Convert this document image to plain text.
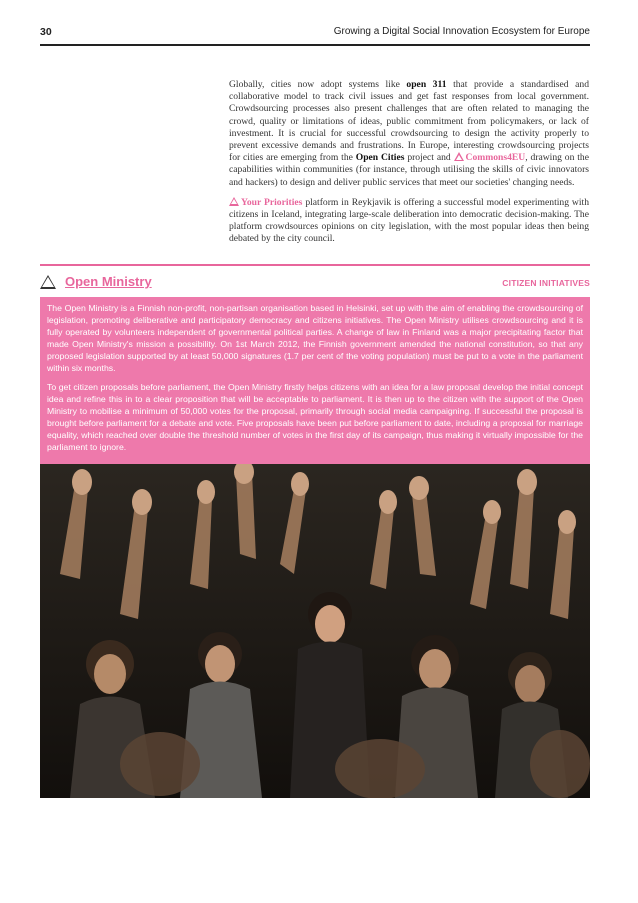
30	Growing a Digital Social Innovation Ecosystem for Europe

Globally, cities now adopt systems like open 311 that provide a standardised and collaborative model to track civil issues and get fast responses from local government. Crowdsourcing processes also present challenges that are often related to managing the crowd, quality or limitations of ideas, public commitment from policymakers, or lack of investment. It is crucial for successful crowdsourcing to design the activity properly to prevent excessive demands and frustrations. In Europe, interesting crowdsourcing projects for cities are emerging from the Open Cities project and Commons4EU, drawing on the capabilities within communities (for instance, through utilising the skills of civic innovators and hackers) to design and deliver public services that meet our societies' changing needs.

Your Priorities platform in Reykjavik is offering a successful model experimenting with citizens in Iceland, integrating large-scale deliberation into democratic decision-making. The platform crowdsources opinions on city legislation, with the most popular ideas then being debated by the city council.

Open Ministry	CITIZEN INITIATIVES

The Open Ministry is a Finnish non-profit, non-partisan organisation based in Helsinki, set up with the aim of enabling the crowdsourcing of legislation, promoting deliberative and participatory democracy and citizens initiatives. The Open Ministry utilises crowdsourcing and it is fully operated by volunteers independent of governmental political parties. A change of law in Finland was a major precipitating factor that made Open Ministry's mission a possibility. On 1st March 2012, the Finnish government amended the national constitution, so that any proposed legislation supported by at least 50,000 signatures (1.7 per cent of the voting population) must be put to a vote in the parliament within six months.

To get citizen proposals before parliament, the Open Ministry firstly helps citizens with an idea for a law proposal develop the initial concept idea and refine this in to a clear proposition that will be acceptable to parliament. It is then up to the citizen with the support of the Open Ministry to mobilise a minimum of 50,000 votes for the proposal, primarily through social media campaigning. If successful the proposal is brought before parliament for a debate and vote. Five proposals have been put before parliament to date, including a proposal for marriage equality, which reached over double the threshold number of votes in the first day of its campaign, thus making it virtually impossible for the parliament to ignore.
